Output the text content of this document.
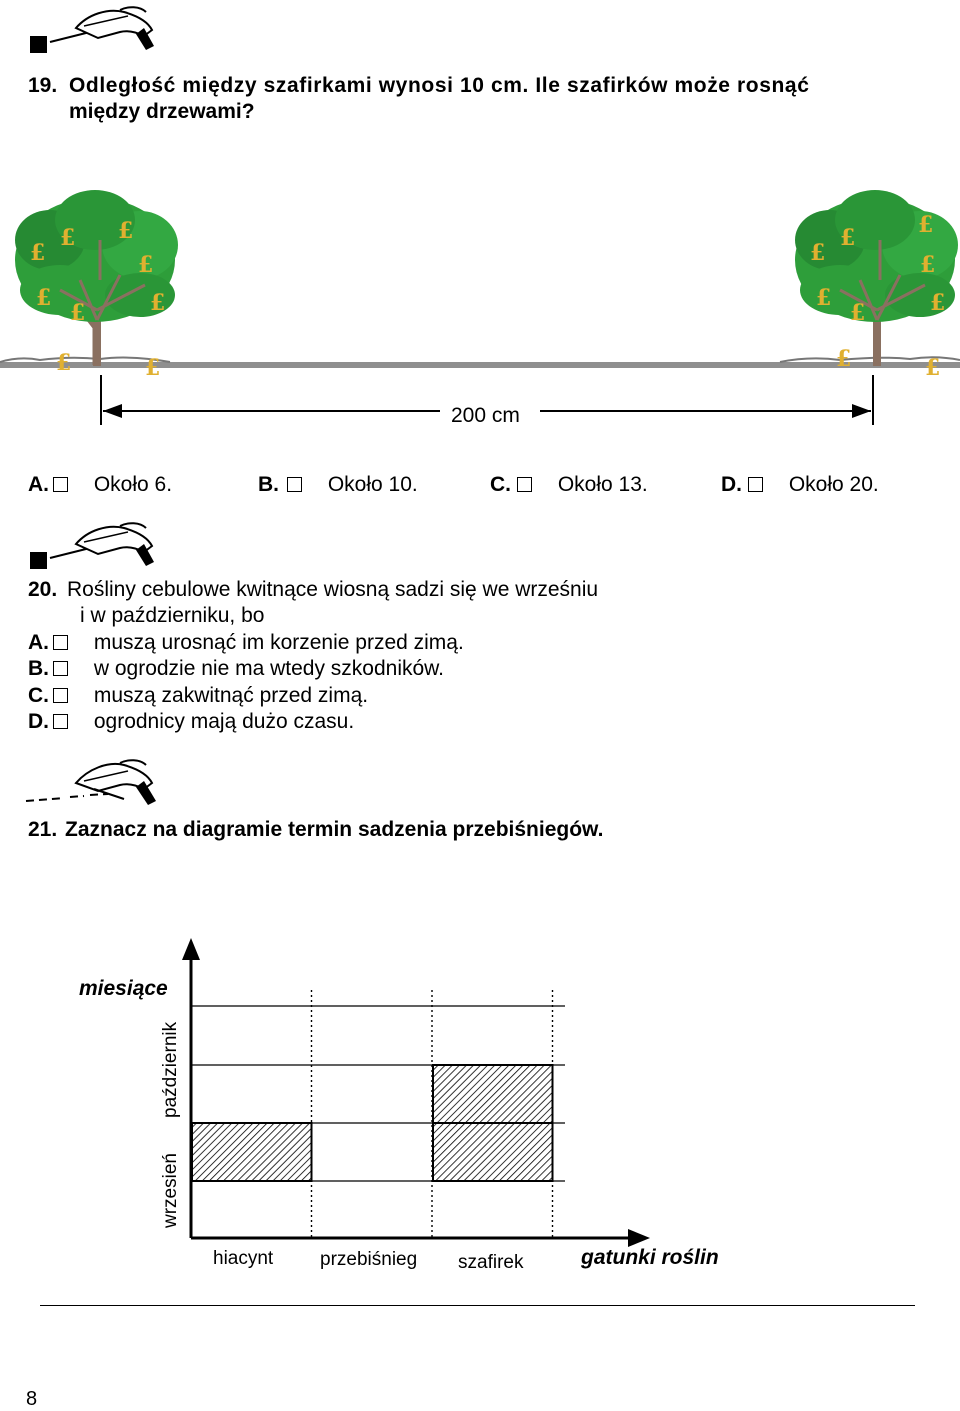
19. Odległość między szafirkami wynosi 10 cm. Ile szafirków może rosnąć
między drzewami?
£ £
£	£
£
£	£
£
£
£	£
£	£
£
£	£
£
£
200 cm
A. Około 6.	B. Około 10.	C. Około 13.	D. Około 20.
20. Rośliny cebulowe kwitnące wiosną sadzi się we wrześniu
i w październiku, bo
A. muszą urosnąć im korzenie przed zimą.
B. w ogrodzie nie ma wtedy szkodników.
C. muszą zakwitnąć przed zimą.
D. ogrodnicy mają dużo czasu.
21. Zaznacz na diagramie termin sadzenia przebiśniegów.
miesiące
wrzesień
październik
hiacynt przebiśnieg szafirek	gatunki roślin
8
